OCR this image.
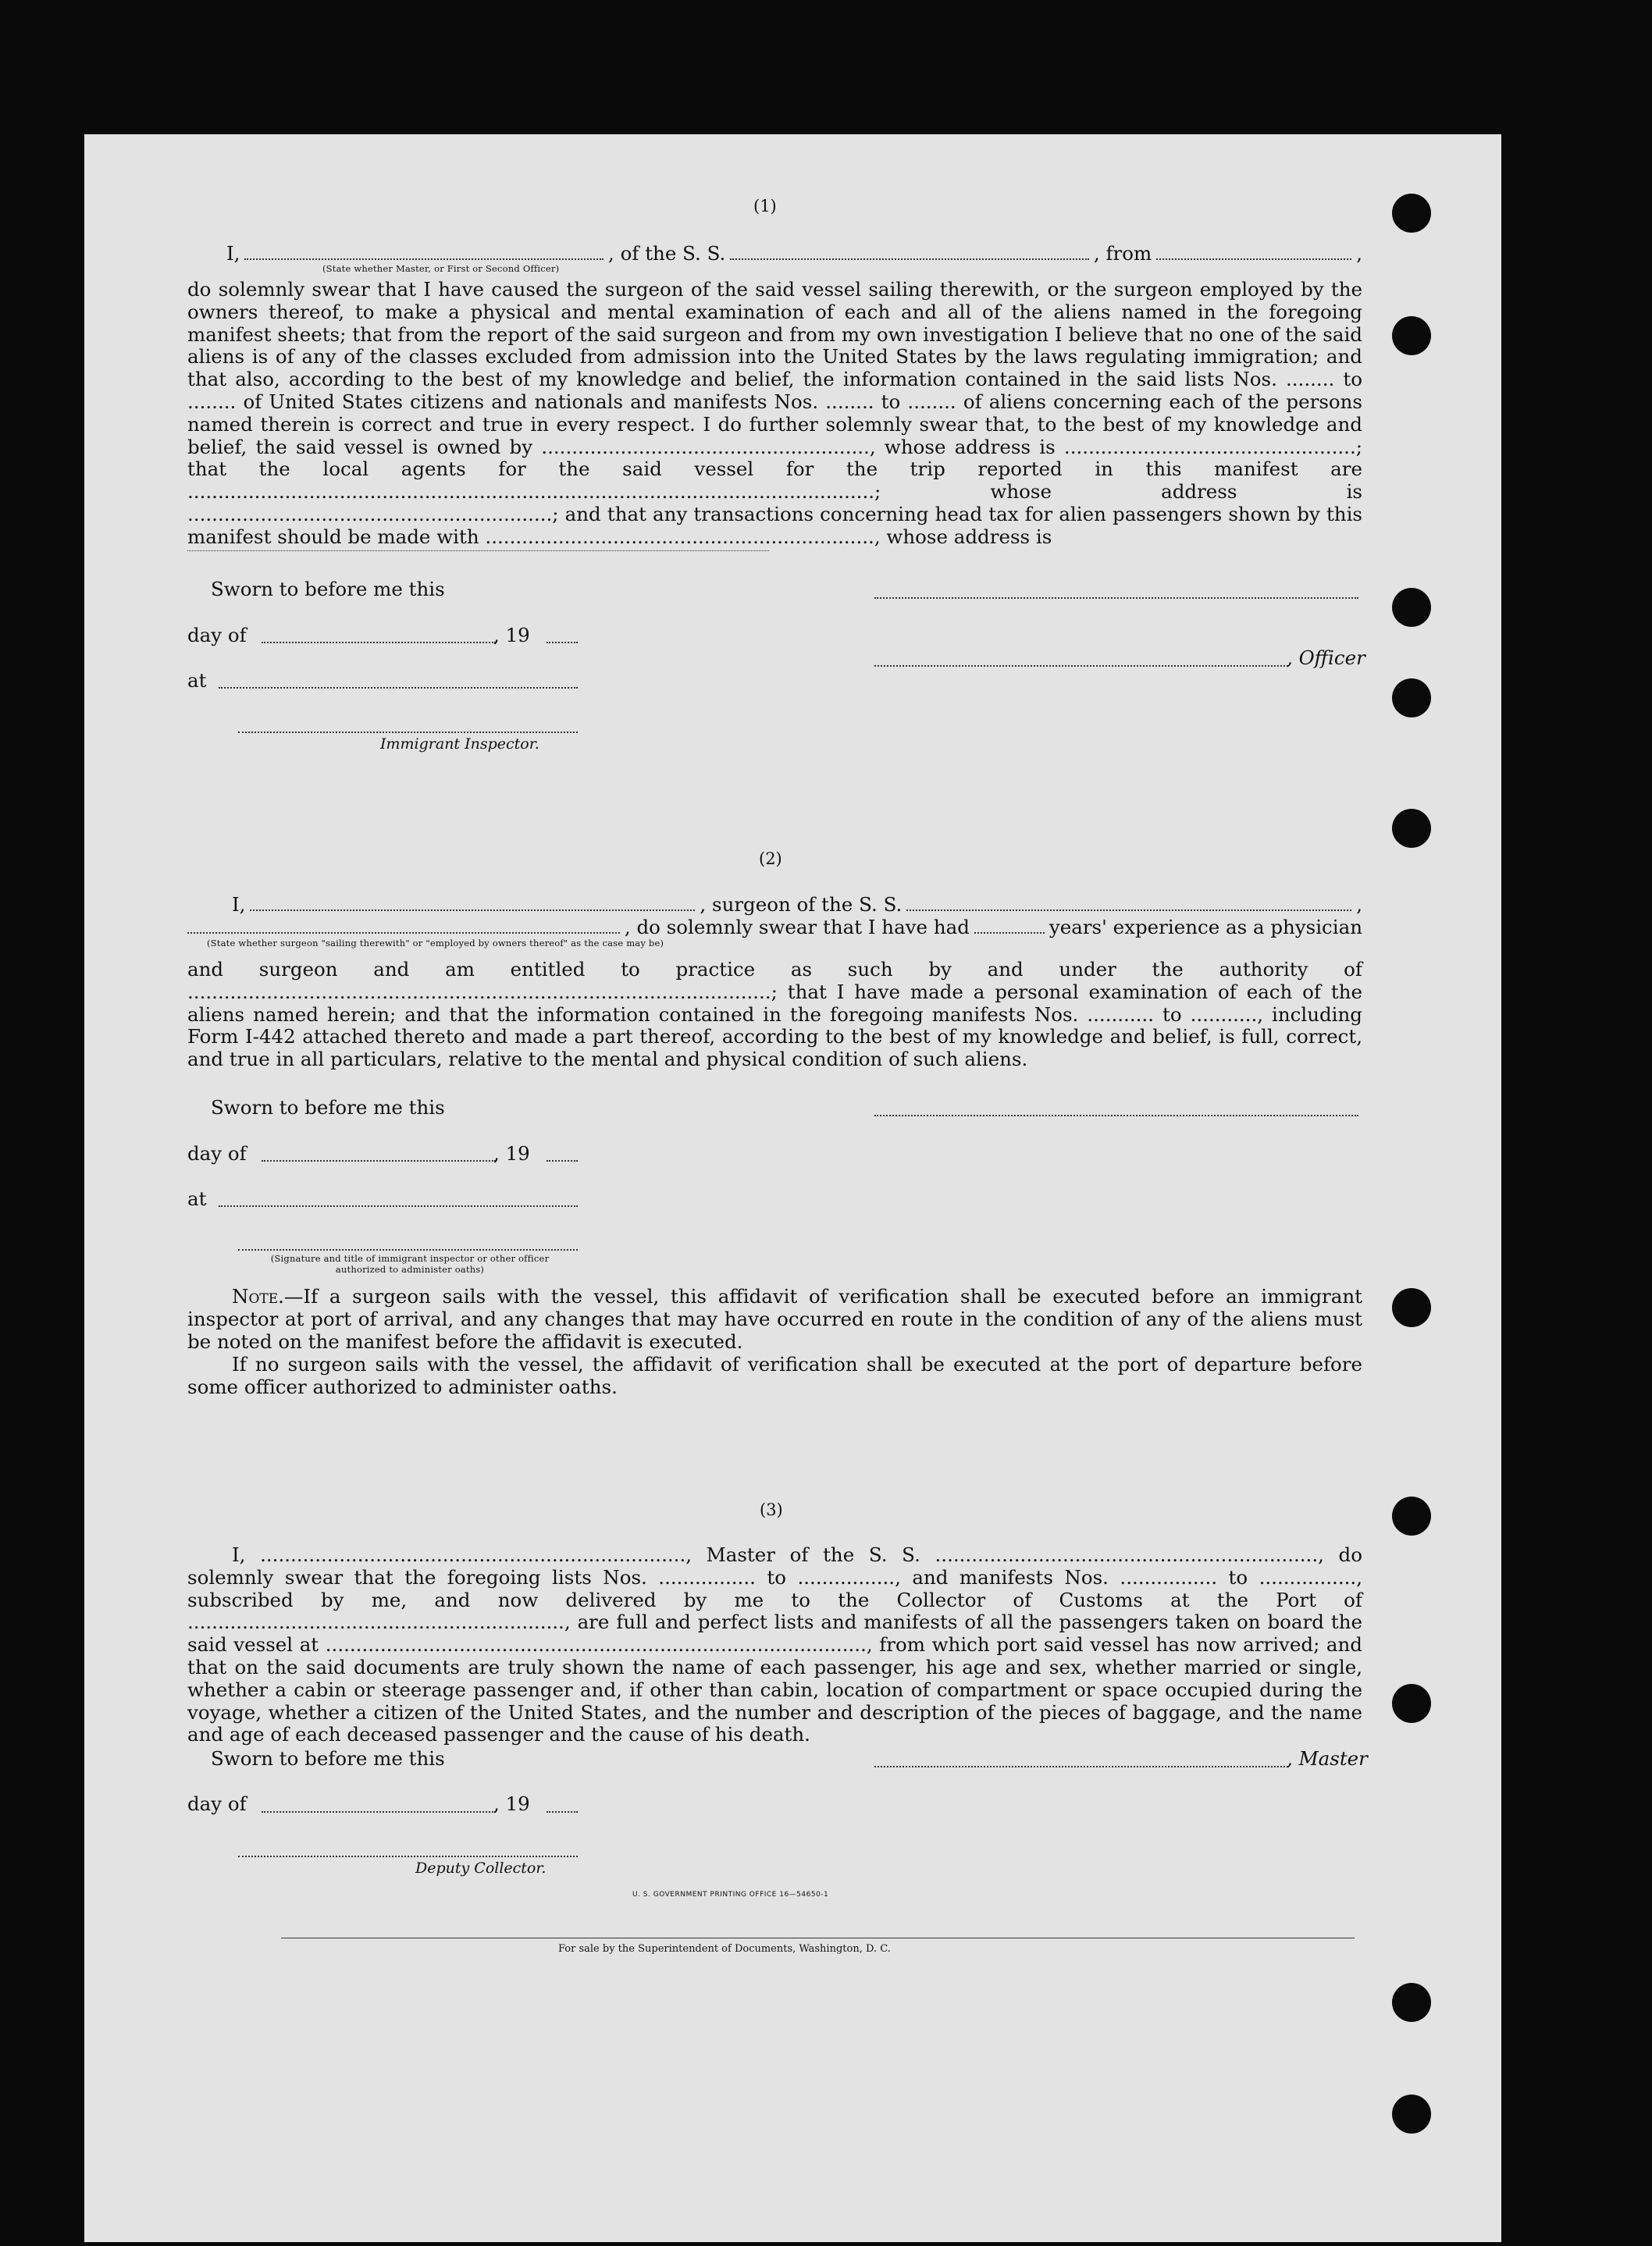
(1)
I,	, of the S. S.	, from	,
(State whether Master, or First or Second Officer)

do solemnly swear that I have caused the surgeon of the said vessel sailing therewith, or the surgeon employed by the owners thereof, to make a physical and mental examination of each and all of the aliens named in the foregoing manifest sheets; that from the report of the said surgeon and from my own investigation I believe that no one of the said aliens is of any of the classes excluded from admission into the United States by the laws regulating immigration; and that also, according to the best of my knowledge and belief, the information contained in the said lists Nos. ........ to ........ of United States citizens and nationals and manifests Nos. ........ to ........ of aliens concerning each of the persons named therein is correct and true in every respect. I do further solemnly swear that, to the best of my knowledge and belief, the said vessel is owned by ......................................................, whose address is ................................................; that the local agents for the said vessel for the trip reported in this manifest are .................................................................................................................; whose address is ............................................................; and that any transactions concerning head tax for alien passengers shown by this manifest should be made with ................................................................, whose address is

Sworn to before me this
day of	, 19
, Officer
at
Immigrant Inspector.
(2)
I,	, surgeon of the S. S.	,
, do solemnly swear that I have had	years' experience as a physician
(State whether surgeon "sailing therewith" or "employed by owners thereof" as the case may be)

and surgeon and am entitled to practice as such by and under the authority of ................................................................................................; that I have made a personal examination of each of the aliens named herein; and that the information contained in the foregoing manifests Nos. ........... to ..........., including Form I-442 attached thereto and made a part thereof, according to the best of my knowledge and belief, is full, correct, and true in all particulars, relative to the mental and physical condition of such aliens.

Sworn to before me this
day of	, 19
at
(Signature and title of immigrant inspector or other officer authorized to administer oaths)
Note.—If a surgeon sails with the vessel, this affidavit of verification shall be executed before an immigrant inspector at port of arrival, and any changes that may have occurred en route in the condition of any of the aliens must be noted on the manifest before the affidavit is executed.
If no surgeon sails with the vessel, the affidavit of verification shall be executed at the port of departure before some officer authorized to administer oaths.
(3)

I, ......................................................................, Master of the S. S. ..............................................................., do solemnly swear that the foregoing lists Nos. ................ to ................, and manifests Nos. ................ to ................, subscribed by me, and now delivered by me to the Collector of Customs at the Port of .............................................................., are full and perfect lists and manifests of all the passengers taken on board the said vessel at ........................................................................................., from which port said vessel has now arrived; and that on the said documents are truly shown the name of each passenger, his age and sex, whether married or single, whether a cabin or steerage passenger and, if other than cabin, location of compartment or space occupied during the voyage, whether a citizen of the United States, and the number and description of the pieces of baggage, and the name and age of each deceased passenger and the cause of his death.

Sworn to before me this	, Master
day of	, 19
Deputy Collector.
U. S. GOVERNMENT PRINTING OFFICE 16—54650-1
For sale by the Superintendent of Documents, Washington, D. C.
